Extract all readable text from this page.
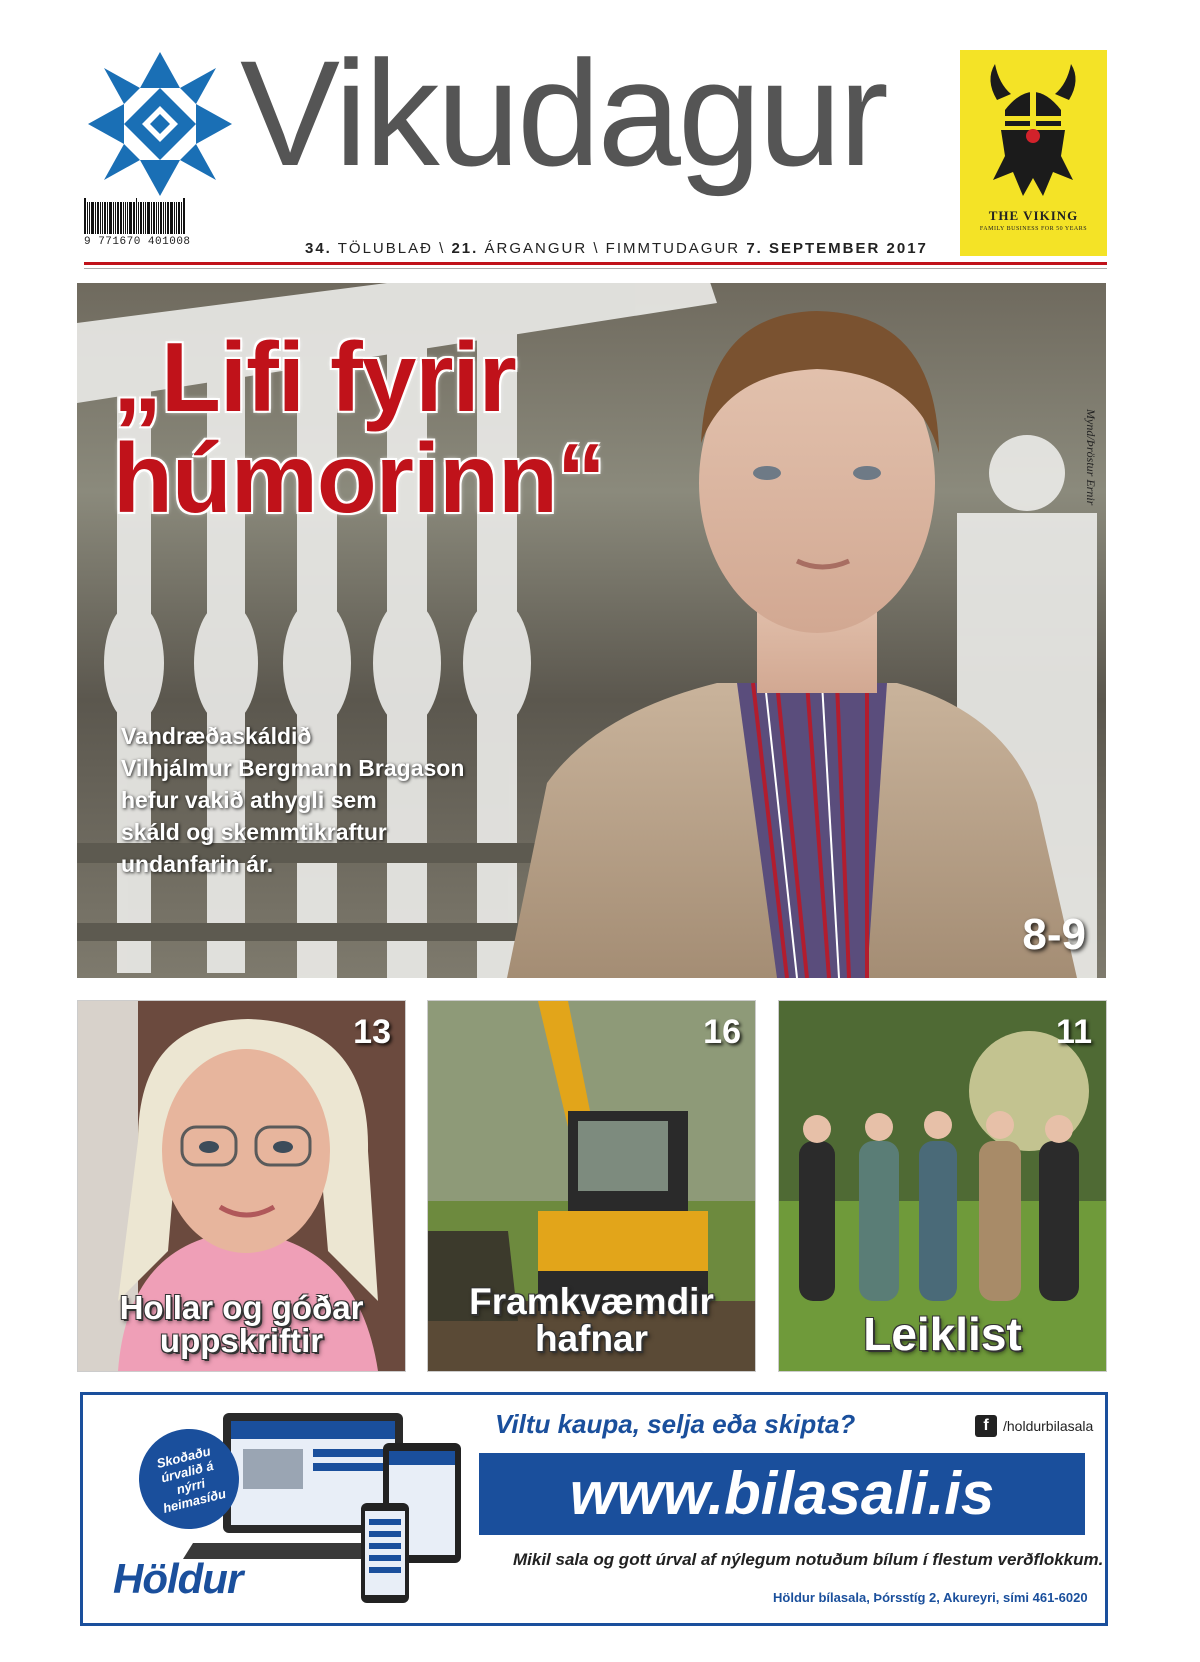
Vikudagur
9 771670 401008	34. TÖLUBLAÐ \ 21. ÁRGANGUR \ FIMMTUDAGUR 7. SEPTEMBER 2017
THE VIKING
FAMILY BUSINESS FOR 50 YEARS
„Lifi fyrir
húmorinn“
Vandræðaskáldið
Vilhjálmur Bergmann Bragason
hefur vakið athygli sem
skáld og skemmtikraftur
undanfarin ár.
Mynd/Þröstur Ernir
8-9
13
Hollar og góðar
uppskriftir
16
Framkvæmdir
hafnar
11
Leiklist
Skoðaðu úrvalið á nýrri heimasíðu
Höldur
Viltu kaupa, selja eða skipta?	f	/holdurbilasala
www.bilasali.is
Mikil sala og gott úrval af nýlegum notuðum bílum í flestum verðflokkum.
Höldur bílasala, Þórsstíg 2, Akureyri, sími 461-6020
